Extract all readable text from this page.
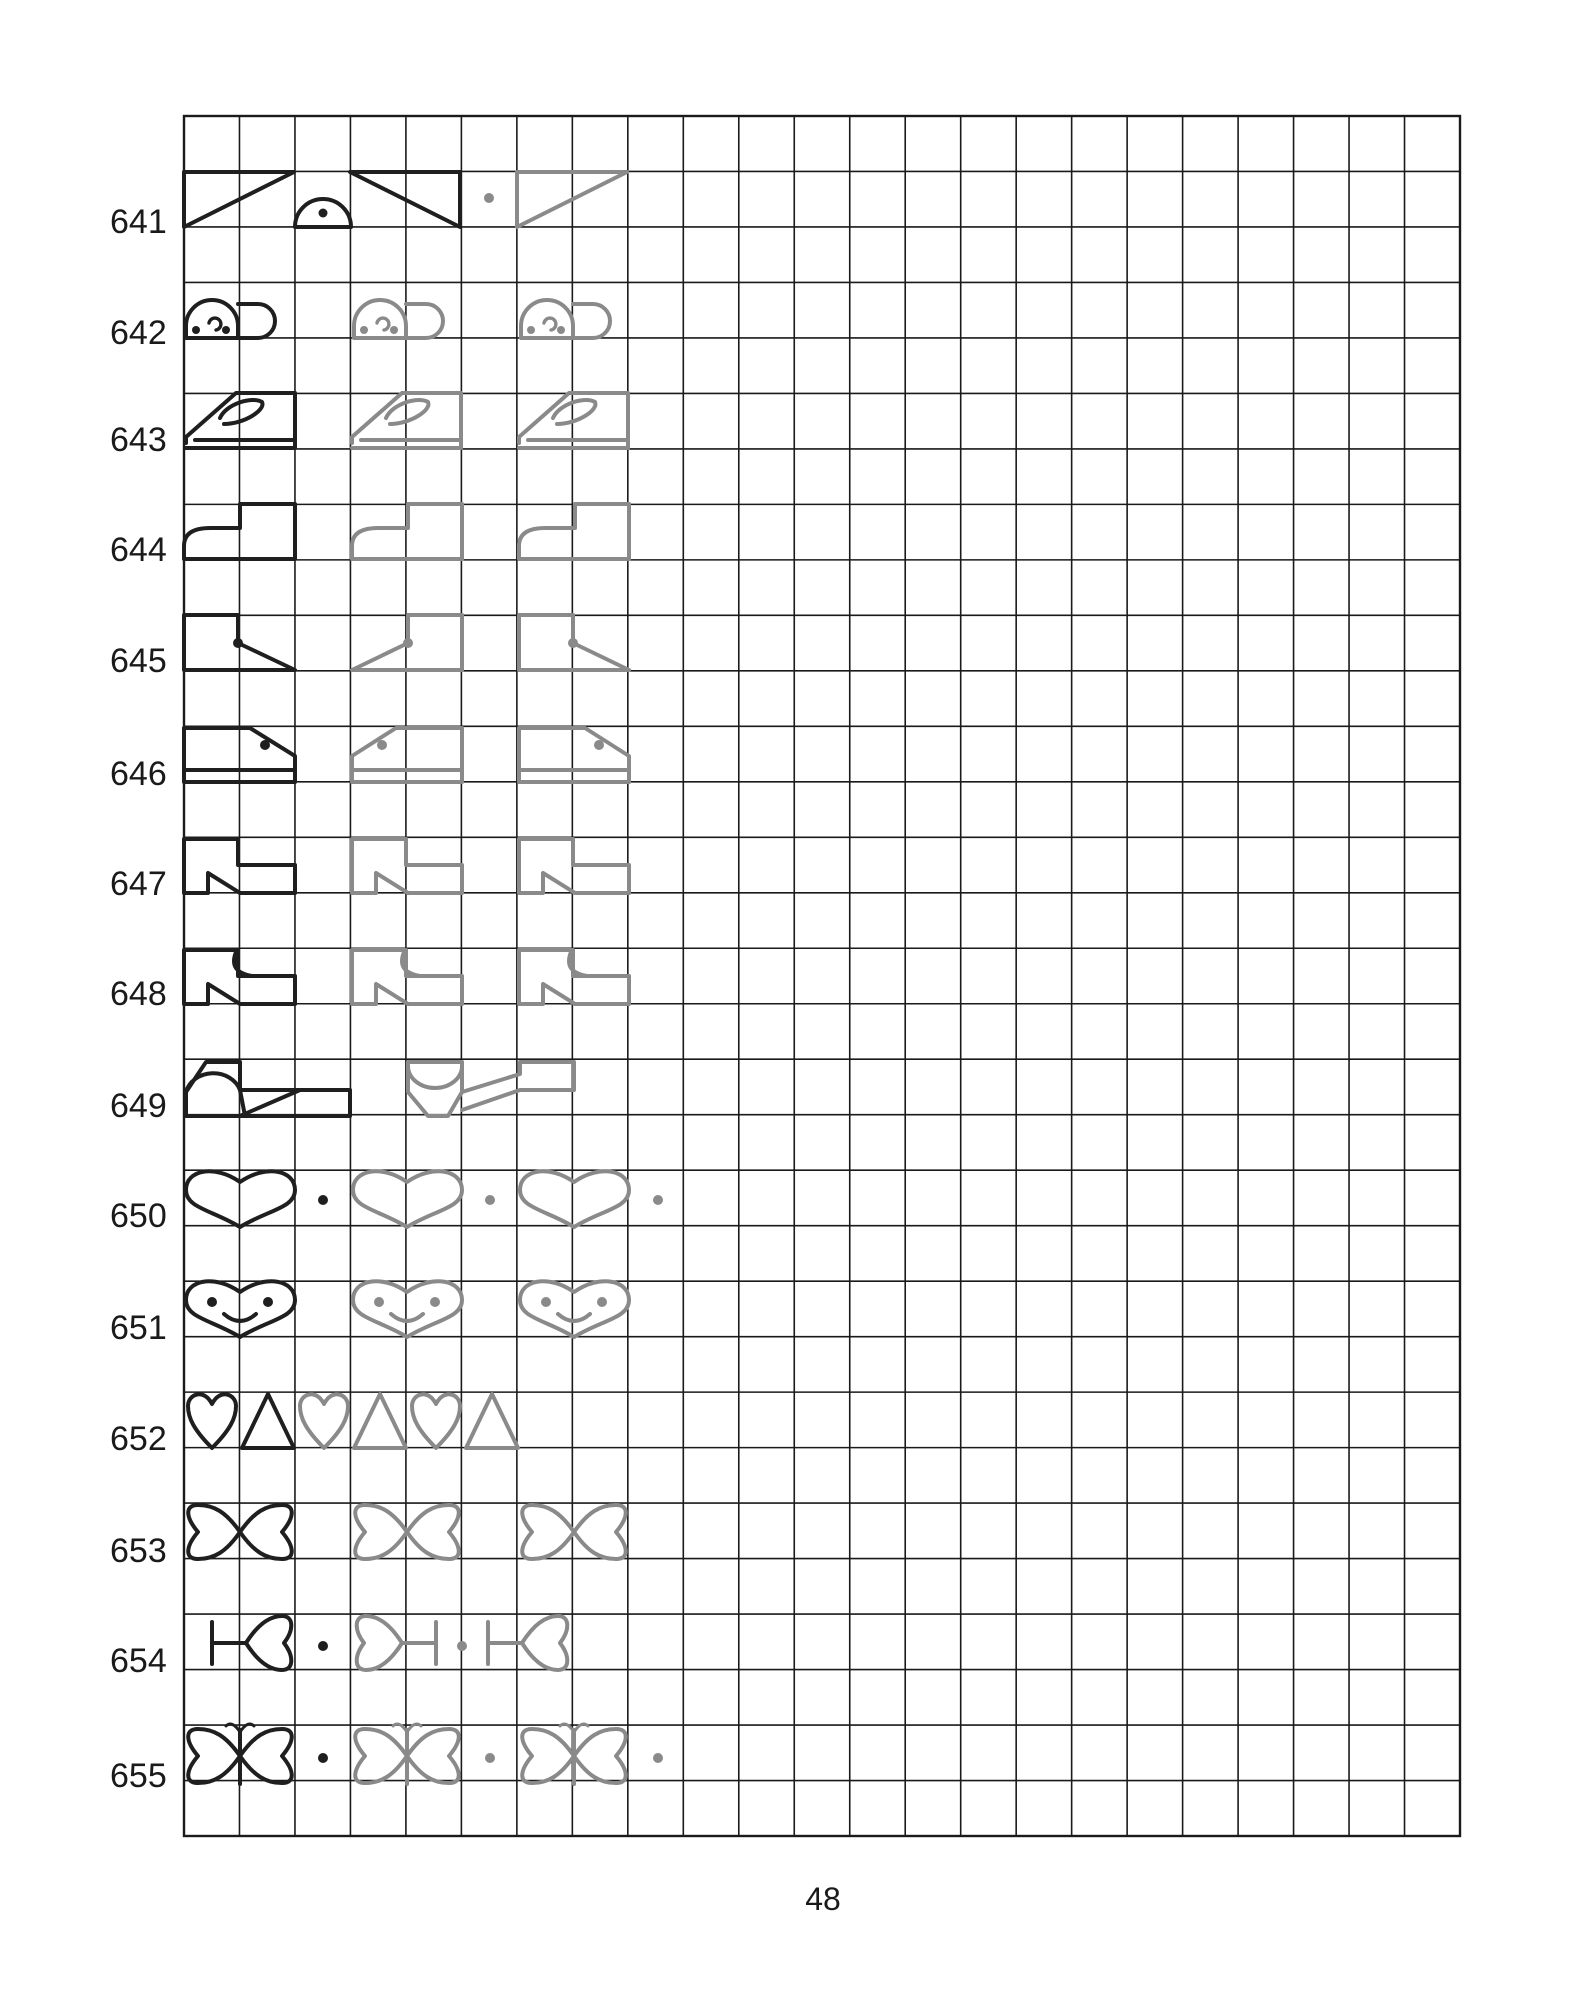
641
642
643
644
645
646
647
648
649
650
651
652
653
654
655
48
